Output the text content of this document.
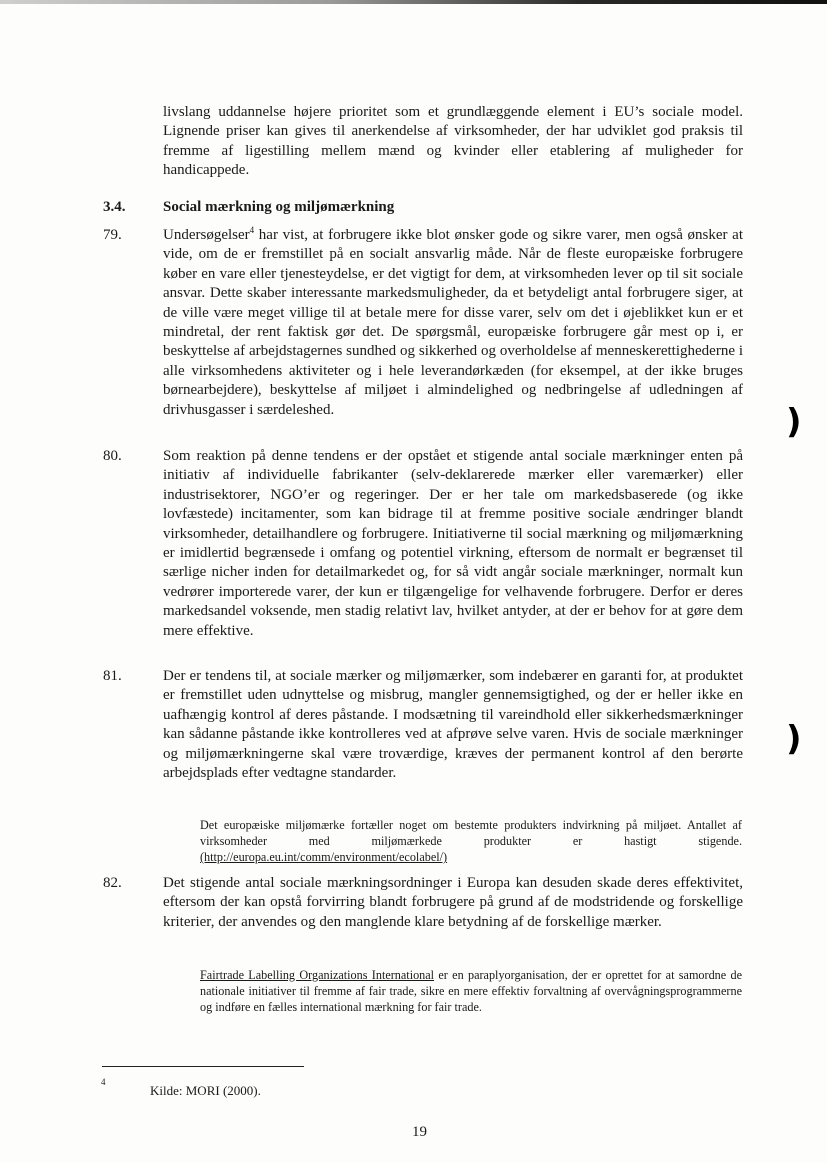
livslang uddannelse højere prioritet som et grundlæggende element i EU’s sociale model. Lignende priser kan gives til anerkendelse af virksomheder, der har udviklet god praksis til fremme af ligestilling mellem mænd og kvinder eller etablering af muligheder for handicappede.

3.4.	Social mærkning og miljømærkning

79.	Undersøgelser$^4$ har vist, at forbrugere ikke blot ønsker gode og sikre varer, men også ønsker at vide, om de er fremstillet på en socialt ansvarlig måde. Når de fleste europæiske forbrugere køber en vare eller tjenesteydelse, er det vigtigt for dem, at virksomheden lever op til sit sociale ansvar. Dette skaber interessante markedsmuligheder, da et betydeligt antal forbrugere siger, at de ville være meget villige til at betale mere for disse varer, selv om det i øjeblikket kun er et mindretal, der rent faktisk gør det. De spørgsmål, europæiske forbrugere går mest op i, er beskyttelse af arbejdstagernes sundhed og sikkerhed og overholdelse af menneskerettighederne i alle virksomhedens aktiviteter og i hele leverandørkæden (for eksempel, at der ikke bruges børnearbejdere), beskyttelse af miljøet i almindelighed og nedbringelse af udledningen af drivhusgasser i særdeleshed.

80.	Som reaktion på denne tendens er der opstået et stigende antal sociale mærkninger enten på initiativ af individuelle fabrikanter (selv-deklarerede mærker eller varemærker) eller industrisektorer, NGO’er og regeringer. Der er her tale om markedsbaserede (og ikke lovfæstede) incitamenter, som kan bidrage til at fremme positive sociale ændringer blandt virksomheder, detailhandlere og forbrugere. Initiativerne til social mærkning og miljømærkning er imidlertid begrænsede i omfang og potentiel virkning, eftersom de normalt er begrænset til særlige nicher inden for detailmarkedet og, for så vidt angår sociale mærkninger, normalt kun vedrører importerede varer, der kun er tilgængelige for velhavende forbrugere. Derfor er deres markedsandel voksende, men stadig relativt lav, hvilket antyder, at der er behov for at gøre dem mere effektive.

81.	Der er tendens til, at sociale mærker og miljømærker, som indebærer en garanti for, at produktet er fremstillet uden udnyttelse og misbrug, mangler gennemsigtighed, og der er heller ikke en uafhængig kontrol af deres påstande. I modsætning til vareindhold eller sikkerhedsmærkninger kan sådanne påstande ikke kontrolleres ved at afprøve selve varen. Hvis de sociale mærkninger og miljømærkningerne skal være troværdige, kræves der permanent kontrol af den berørte arbejdsplads efter vedtagne standarder.

Det europæiske miljømærke fortæller noget om bestemte produkters indvirkning på miljøet. Antallet af virksomheder med miljømærkede produkter er hastigt stigende. (http://europa.eu.int/comm/environment/ecolabel/)

82.	Det stigende antal sociale mærkningsordninger i Europa kan desuden skade deres effektivitet, eftersom der kan opstå forvirring blandt forbrugere på grund af de modstridende og forskellige kriterier, der anvendes og den manglende klare betydning af de forskellige mærker.

Fairtrade Labelling Organizations International er en paraplyorganisation, der er oprettet for at samordne de nationale initiativer til fremme af fair trade, sikre en mere effektiv forvaltning af overvågningsprogrammerne og indføre en fælles international mærkning for fair trade.
4
Kilde: MORI (2000).
19
)
)
